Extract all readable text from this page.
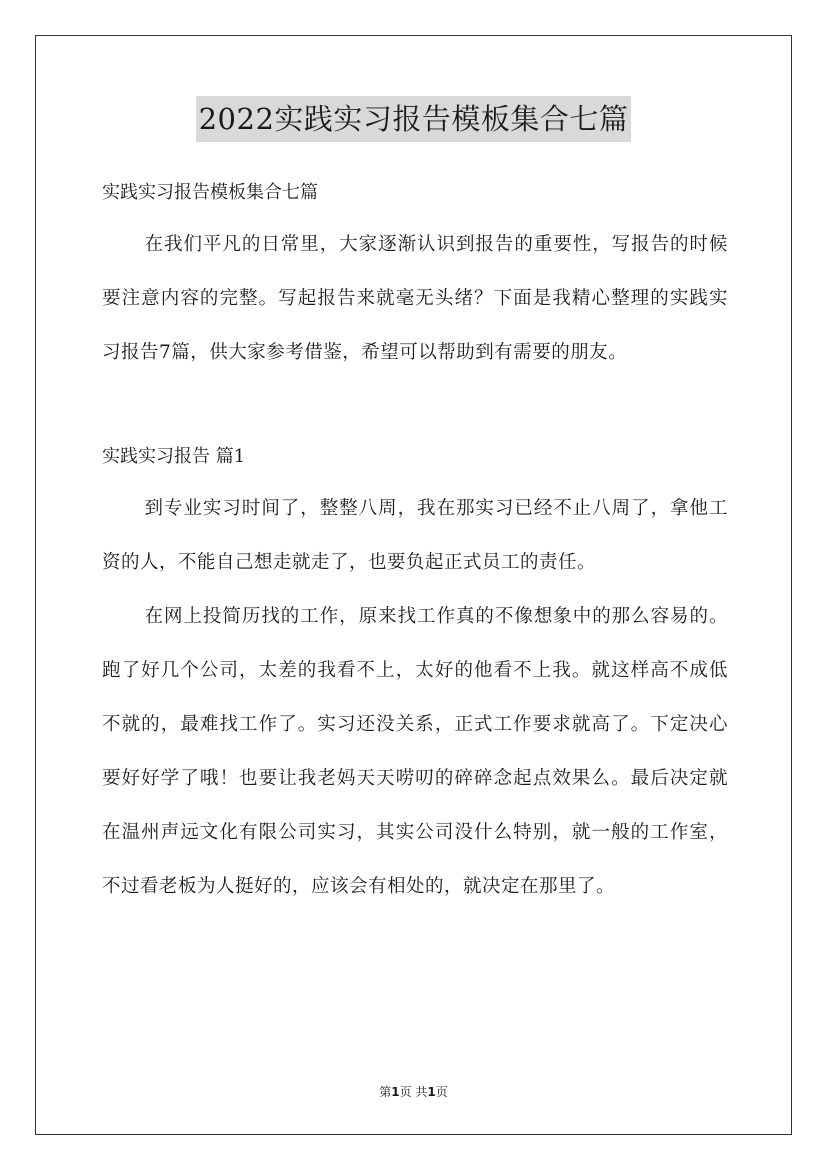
2022实践实习报告模板集合七篇

实践实习报告模板集合七篇

在我们平凡的日常里，大家逐渐认识到报告的重要性，写报告的时候要注意内容的完整。写起报告来就毫无头绪？下面是我精心整理的实践实习报告7篇，供大家参考借鉴，希望可以帮助到有需要的朋友。

实践实习报告 篇1

到专业实习时间了，整整八周，我在那实习已经不止八周了，拿他工资的人，不能自己想走就走了，也要负起正式员工的责任。

在网上投简历找的工作，原来找工作真的不像想象中的那么容易的。跑了好几个公司，太差的我看不上，太好的他看不上我。就这样高不成低不就的，最难找工作了。实习还没关系，正式工作要求就高了。下定决心要好好学了哦！也要让我老妈天天唠叨的碎碎念起点效果么。最后决定就在温州声远文化有限公司实习，其实公司没什么特别，就一般的工作室，不过看老板为人挺好的，应该会有相处的，就决定在那里了。

第1页 共1页
